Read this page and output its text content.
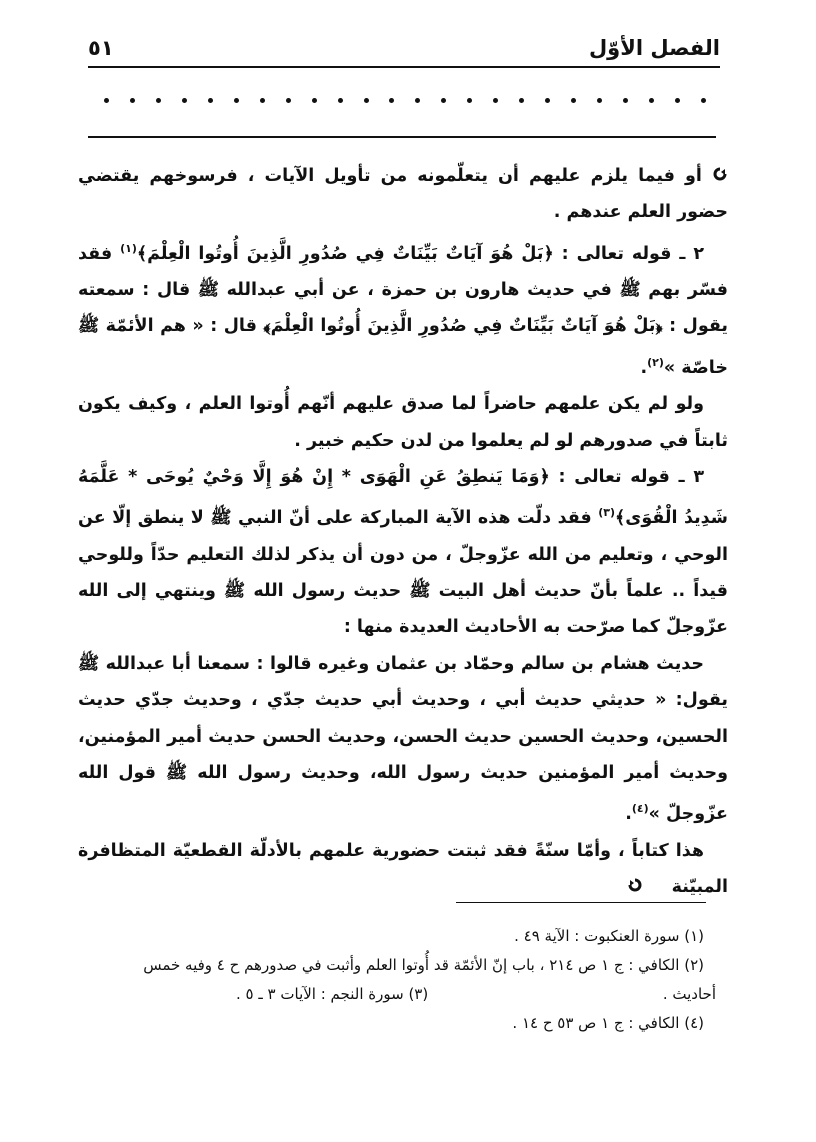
الفصل الأوّل
٥١

أو فيما يلزم عليهم أن يتعلّمونه من تأويل الآيات ، فرسوخهم يقتضي حضور العلم عندهم .

٢ ـ قوله تعالى : ﴿بَلْ هُوَ آيَاتٌ بَيِّنَاتٌ فِي صُدُورِ الَّذِينَ أُوتُوا الْعِلْمَ﴾$^{(١)}$ فقد فسّر بهم ﷺ في حديث هارون بن حمزة ، عن أبي عبدالله ﷺ قال : سمعته يقول : ﴿بَلْ هُوَ آيَاتٌ بَيِّنَاتٌ فِي صُدُورِ الَّذِينَ أُوتُوا الْعِلْمَ﴾ قال : « هم الأئمّة ﷺ خاصّة »$^{(٢)}$.

ولو لم يكن علمهم حاضراً لما صدق عليهم أنّهم أُوتوا العلم ، وكيف يكون ثابتاً في صدورهم لو لم يعلموا من لدن حكيم خبير .

٣ ـ قوله تعالى : ﴿وَمَا يَنطِقُ عَنِ الْهَوَى * إِنْ هُوَ إِلَّا وَحْيٌ يُوحَى * عَلَّمَهُ شَدِيدُ الْقُوَى﴾$^{(٣)}$ فقد دلّت هذه الآية المباركة على أنّ النبي ﷺ لا ينطق إلّا عن الوحي ، وتعليم من الله عزّوجلّ ، من دون أن يذكر لذلك التعليم حدّاً وللوحي قيداً .. علماً بأنّ حديث أهل البيت ﷺ حديث رسول الله ﷺ وينتهي إلى الله عزّوجلّ كما صرّحت به الأحاديث العديدة منها :

حديث هشام بن سالم وحمّاد بن عثمان وغيره قالوا : سمعنا أبا عبدالله ﷺ يقول: « حديثي حديث أبي ، وحديث أبي حديث جدّي ، وحديث جدّي حديث الحسين، وحديث الحسين حديث الحسن، وحديث الحسن حديث أمير المؤمنين، وحديث أمير المؤمنين حديث رسول الله، وحديث رسول الله ﷺ قول الله عزّوجلّ »$^{(٤)}$.

هذا كتاباً ، وأمّا سنّةً فقد ثبتت حضورية علمهم بالأدلّة القطعيّة المتظافرة المبيّنة

(١) سورة العنكبوت : الآية ٤٩ .

(٢) الكافي : ج ١ ص ٢١٤ ، باب إنّ الأئمّة قد أُوتوا العلم وأثبت في صدورهم ح ٤ وفيه خمس

أحاديث .
(٣) سورة النجم : الآيات ٣ ـ ٥ .

(٤) الكافي : ج ١ ص ٥٣ ح ١٤ .
